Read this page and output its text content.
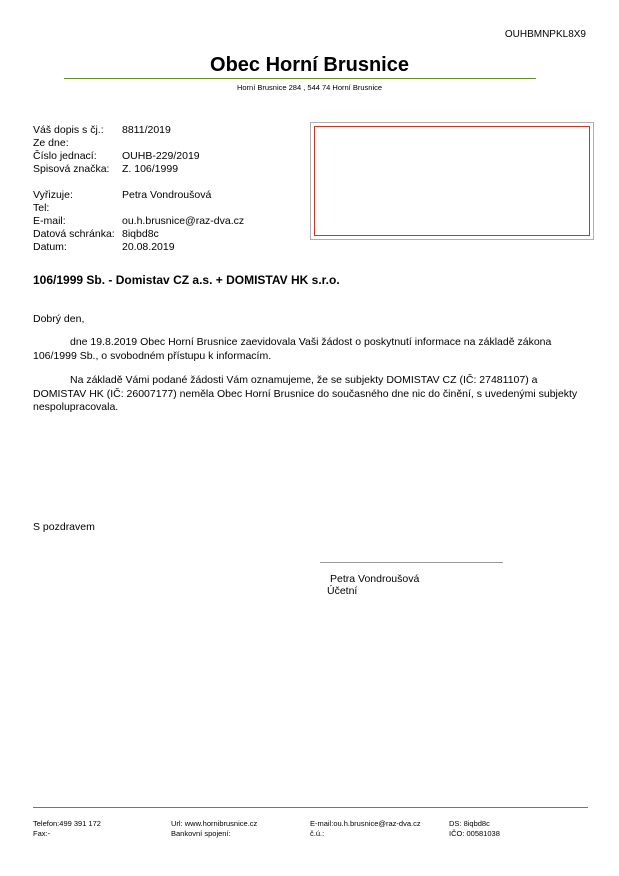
OUHBMNPKL8X9
Obec Horní Brusnice
Horní Brusnice 284 , 544 74 Horní Brusnice
Váš dopis s čj.:	8811/2019
Ze dne:
Číslo jednací:	OUHB-229/2019
Spisová značka:	Z. 106/1999
Vyřizuje:	Petra Vondroušová
Tel:
E-mail:	ou.h.brusnice@raz-dva.cz
Datová schránka: 8iqbd8c
Datum:	20.08.2019
106/1999 Sb. - Domistav CZ a.s. + DOMISTAV HK s.r.o.
Dobrý den,
dne 19.8.2019 Obec Horní Brusnice zaevidovala Vaši žádost o poskytnutí informace na základě zákona 106/1999 Sb., o svobodném přístupu k informacím.
Na základě Vámi podané žádosti Vám oznamujeme, že se subjekty DOMISTAV CZ (IČ: 27481107) a DOMISTAV HK (IČ: 26007177) neměla Obec Horní Brusnice do současného dne nic do činění, s uvedenými subjekty nespolupracovala.
S pozdravem
Petra Vondroušová
Účetní
Telefon:499 391 172
Fax:-
Url: www.hornibrusnice.cz
Bankovní spojení:
E-mail:ou.h.brusnice@raz-dva.cz
č.ú.:
DS: 8iqbd8c
IČO: 00581038
